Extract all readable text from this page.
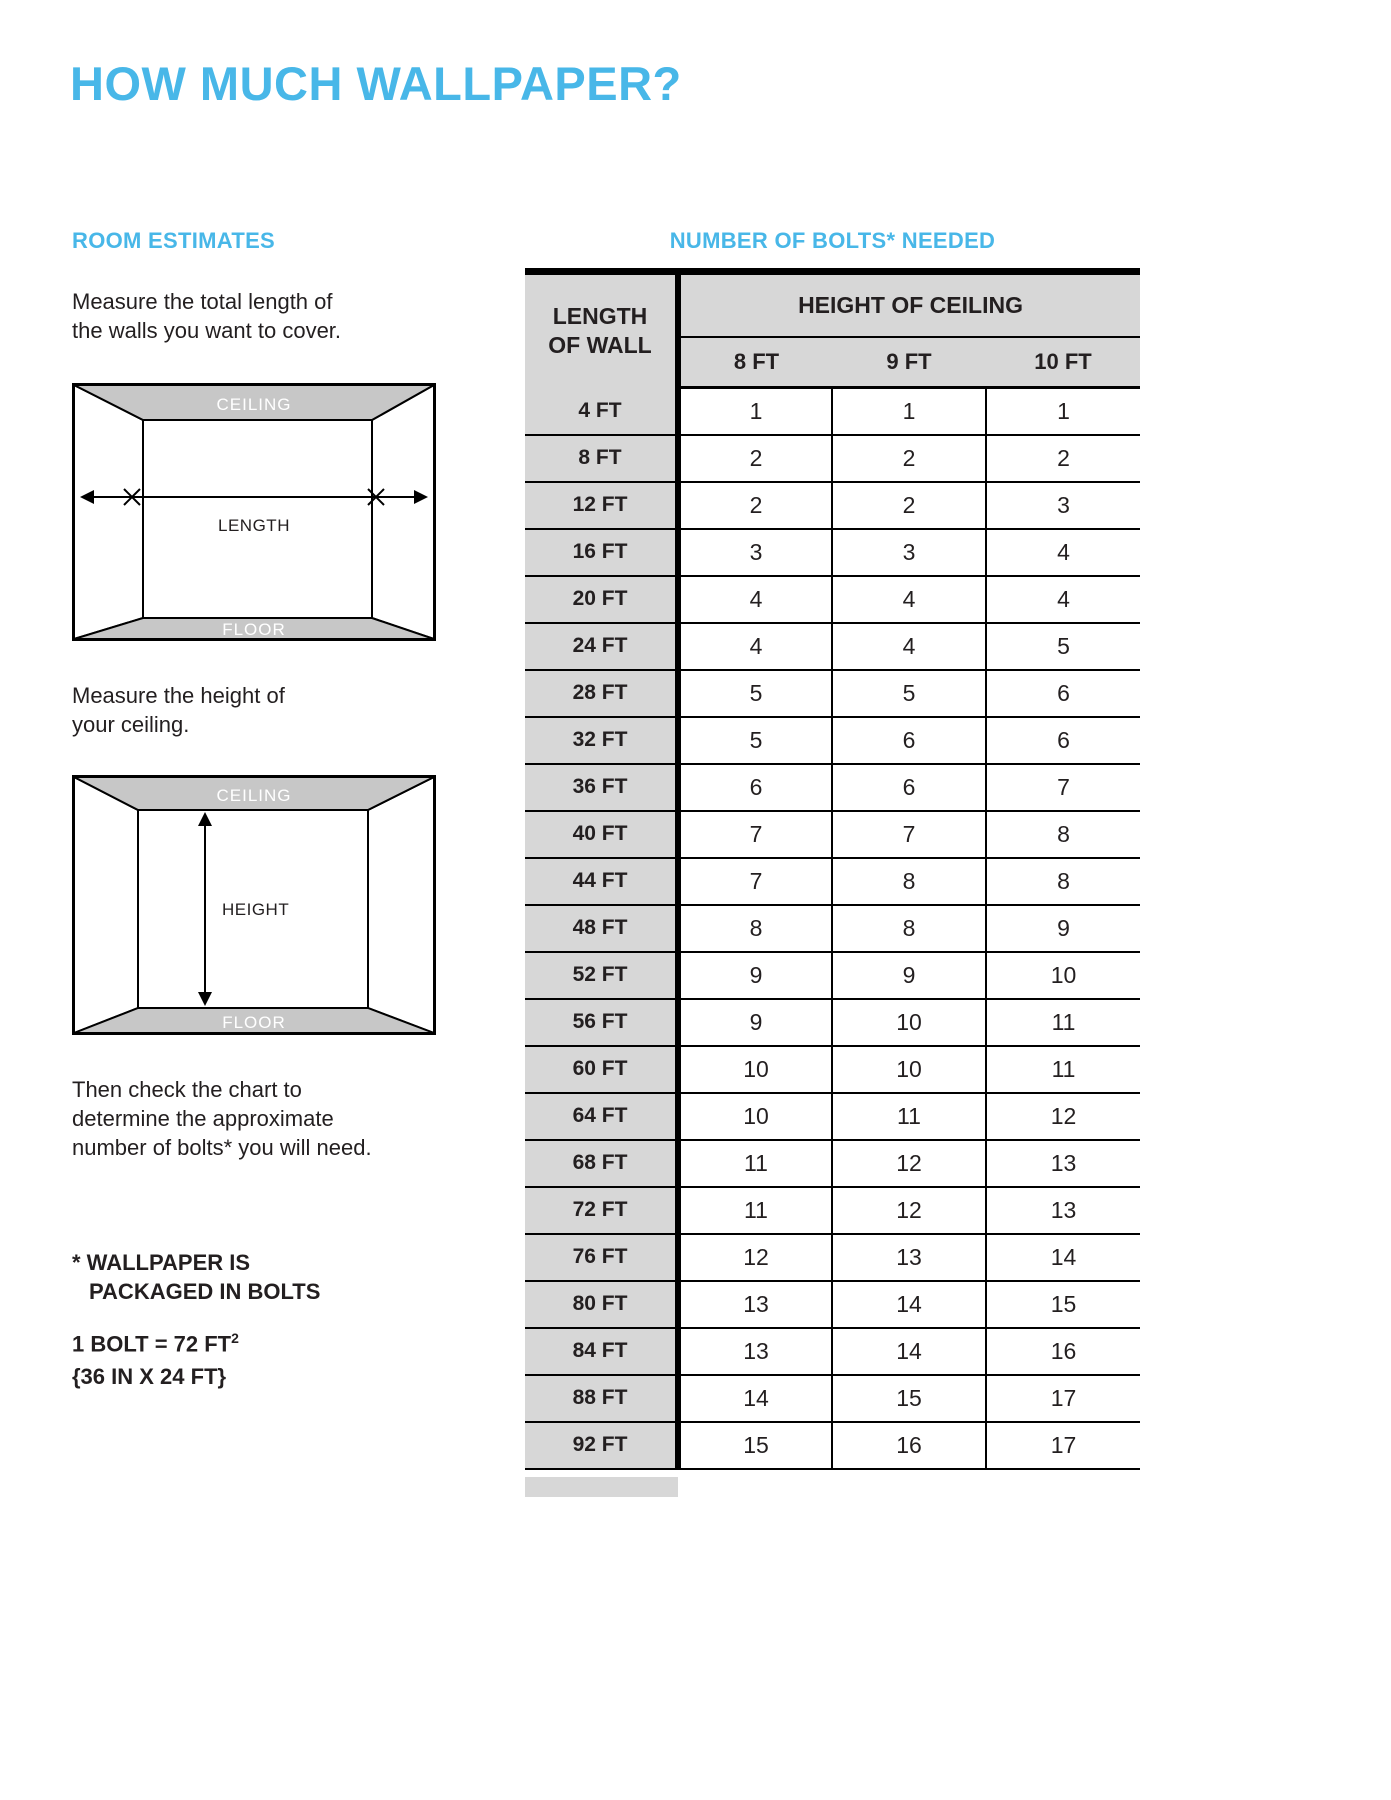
HOW MUCH WALLPAPER?
ROOM ESTIMATES	NUMBER OF BOLTS* NEEDED
Measure the total length of
the walls you want to cover.
CEILING
LENGTH
FLOOR
Measure the height of
your ceiling.
HEIGHT
CEILING
FLOOR
Then check the chart to
determine the approximate
number of bolts* you will need.
* WALLPAPER IS
PACKAGED IN BOLTS
1 BOLT = 72 $FT^2$
{36 IN X 24 FT}
LENGTH
OF WALL	HEIGHT OF CEILING		
	8 FT	9 FT	10 FT
4 FT	1	1	1
8 FT	2	2	2
12 FT	2	2	3
16 FT	3	3	4
20 FT	4	4	4
24 FT	4	4	5
28 FT	5	5	6
32 FT	5	6	6
36 FT	6	6	7
40 FT	7	7	8
44 FT	7	8	8
48 FT	8	8	9
52 FT	9	9	10
56 FT	9	10	11
60 FT	10	10	11
64 FT	10	11	12
68 FT	11	12	13
72 FT	11	12	13
76 FT	12	13	14
80 FT	13	14	15
84 FT	13	14	16
88 FT	14	15	17
92 FT	15	16	17
